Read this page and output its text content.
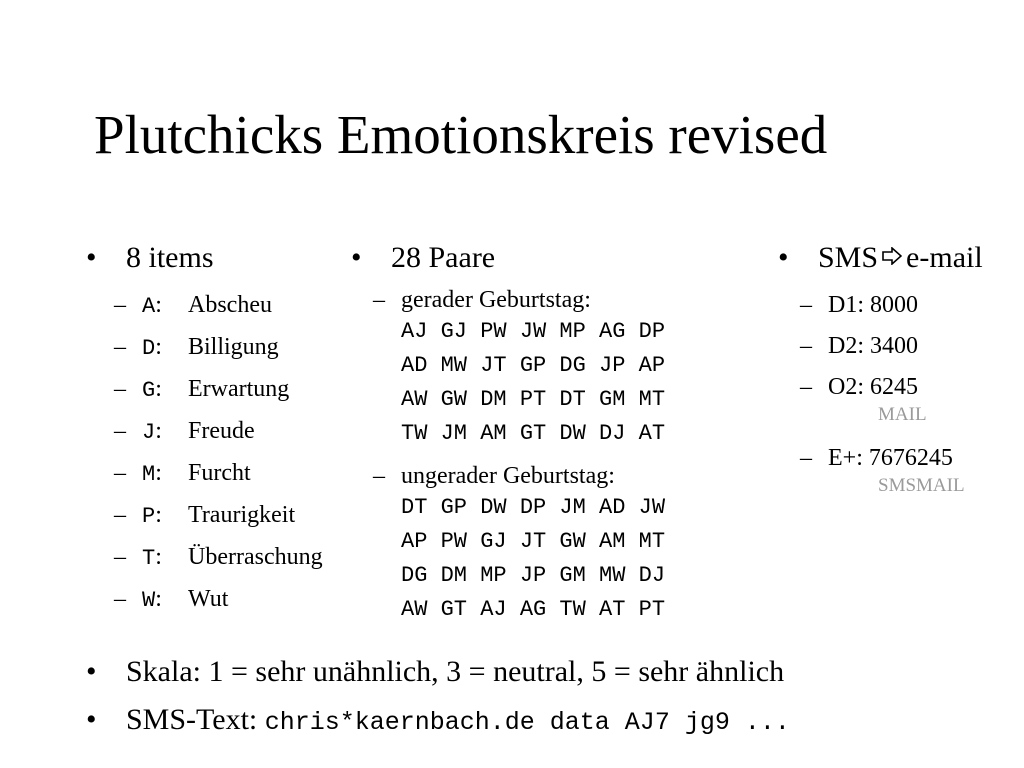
Plutchicks Emotionskreis revised
• 8 items
– A: Abscheu
– D: Billigung
– G: Erwartung
– J: Freude
– M: Furcht
– P: Traurigkeit
– T: Überraschung
– W: Wut
• 28 Paare
– gerader Geburtstag:
AJ GJ PW JW MP AG DP
AD MW JT GP DG JP AP
AW GW DM PT DT GM MT
TW JM AM GT DW DJ AT
– ungerader Geburtstag:
DT GP DW DP JM AD JW
AP PW GJ JT GW AM MT
DG DM MP JP GM MW DJ
AW GT AJ AG TW AT PT
• SMS e-mail
– D1: 8000
– D2: 3400
– O2: 6245
MAIL
– E+: 7676245
SMSMAIL
• Skala: 1 = sehr unähnlich, 3 = neutral, 5 = sehr ähnlich
• SMS-Text: chris*kaernbach.de data AJ7 jg9 ...
